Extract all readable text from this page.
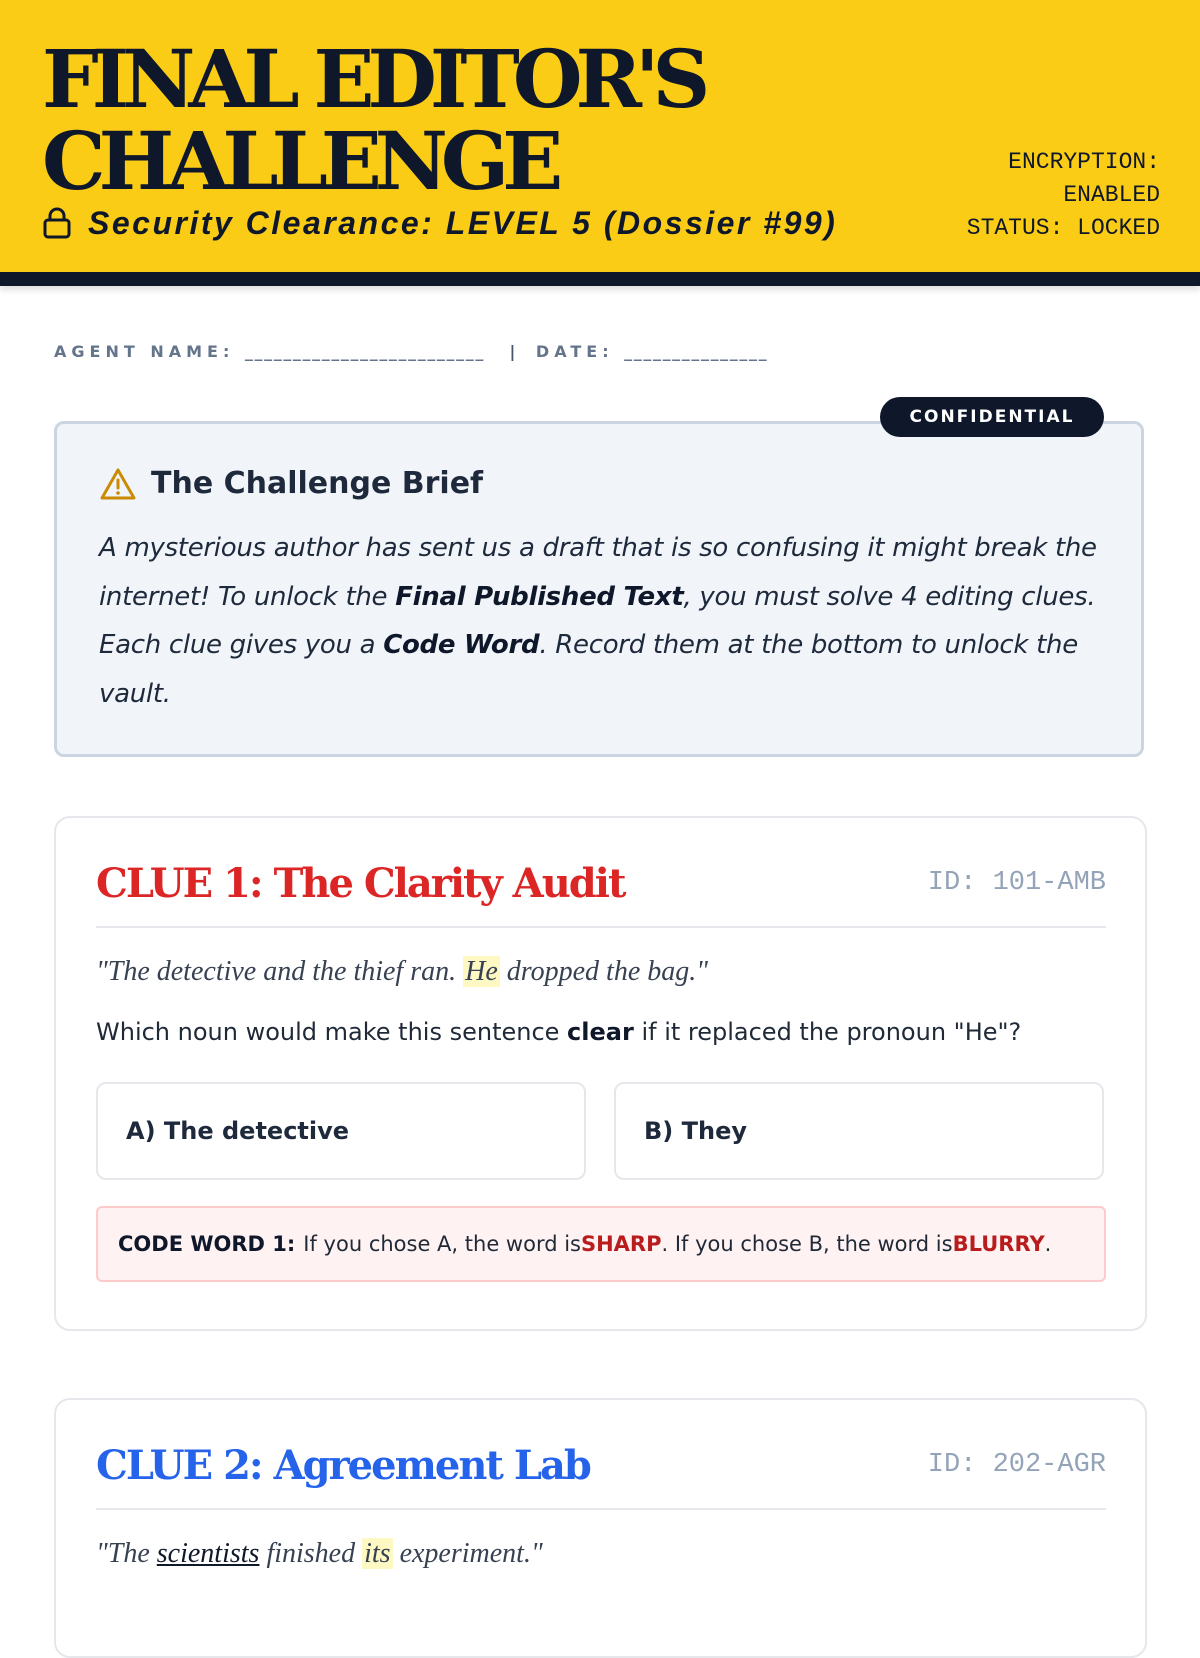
FINAL EDITOR'S
CHALLENGE
Security Clearance: LEVEL 5 (Dossier #99)
ENCRYPTION:
ENABLED
STATUS: LOCKED
AGENT NAME: _________________________ | DATE: _______________
The Challenge Brief

A mysterious author has sent us a draft that is so confusing it might break the internet! To unlock the Final Published Text, you must solve 4 editing clues. Each clue gives you a Code Word. Record them at the bottom to unlock the vault.

CONFIDENTIAL
CLUE 1: The Clarity Audit	ID: 101-AMB

"The detective and the thief ran. He dropped the bag."

Which noun would make this sentence clear if it replaced the pronoun "He"?

A) The detective	B) They
CODE WORD 1: If you chose A, the word is SHARP . If you chose B, the word is BLURRY .
CLUE 2: Agreement Lab	ID: 202-AGR

"The scientists finished its experiment."
